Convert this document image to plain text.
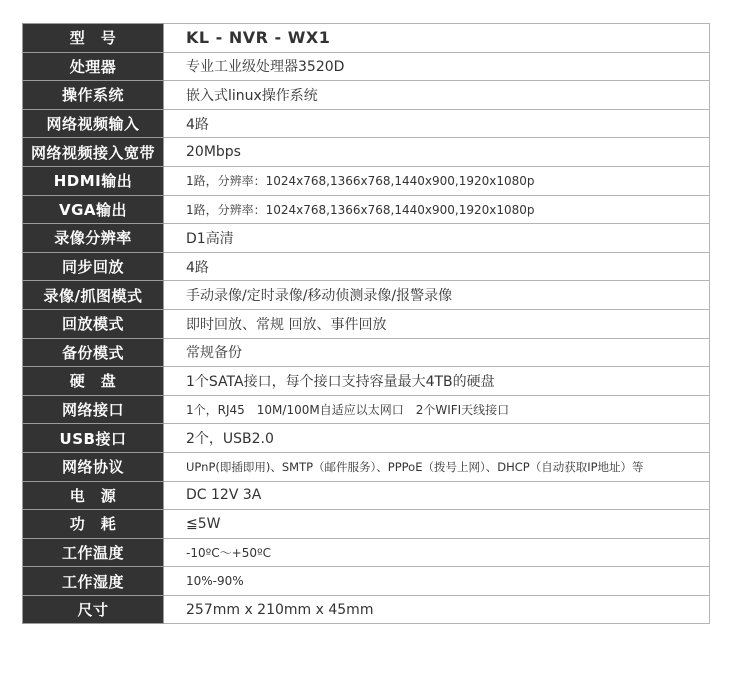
型　号	KL - NVR - WX1
处理器	专业工业级处理器3520D
操作系统	嵌入式linux操作系统
网络视频输入	4路
网络视频接入宽带	20Mbps
HDMI输出	1路，分辨率：1024x768,1366x768,1440x900,1920x1080p
VGA输出	1路，分辨率：1024x768,1366x768,1440x900,1920x1080p
录像分辨率	D1高清
同步回放	4路
录像/抓图模式	手动录像/定时录像/移动侦测录像/报警录像
回放模式	即时回放、常规 回放、事件回放
备份模式	常规备份
硬　盘	1个SATA接口，每个接口支持容量最大4TB的硬盘
网络接口	1个，RJ45　10M/100M自适应以太网口　2个WIFI天线接口
USB接口	2个，USB2.0
网络协议	UPnP(即插即用)、SMTP（邮件服务）、PPPoE（拨号上网）、DHCP（自动获取IP地址）等
电　源	DC 12V 3A
功　耗	≦5W
工作温度	-10ºC～+50ºC
工作湿度	10%-90%
尺寸	257mm x 210mm x 45mm
